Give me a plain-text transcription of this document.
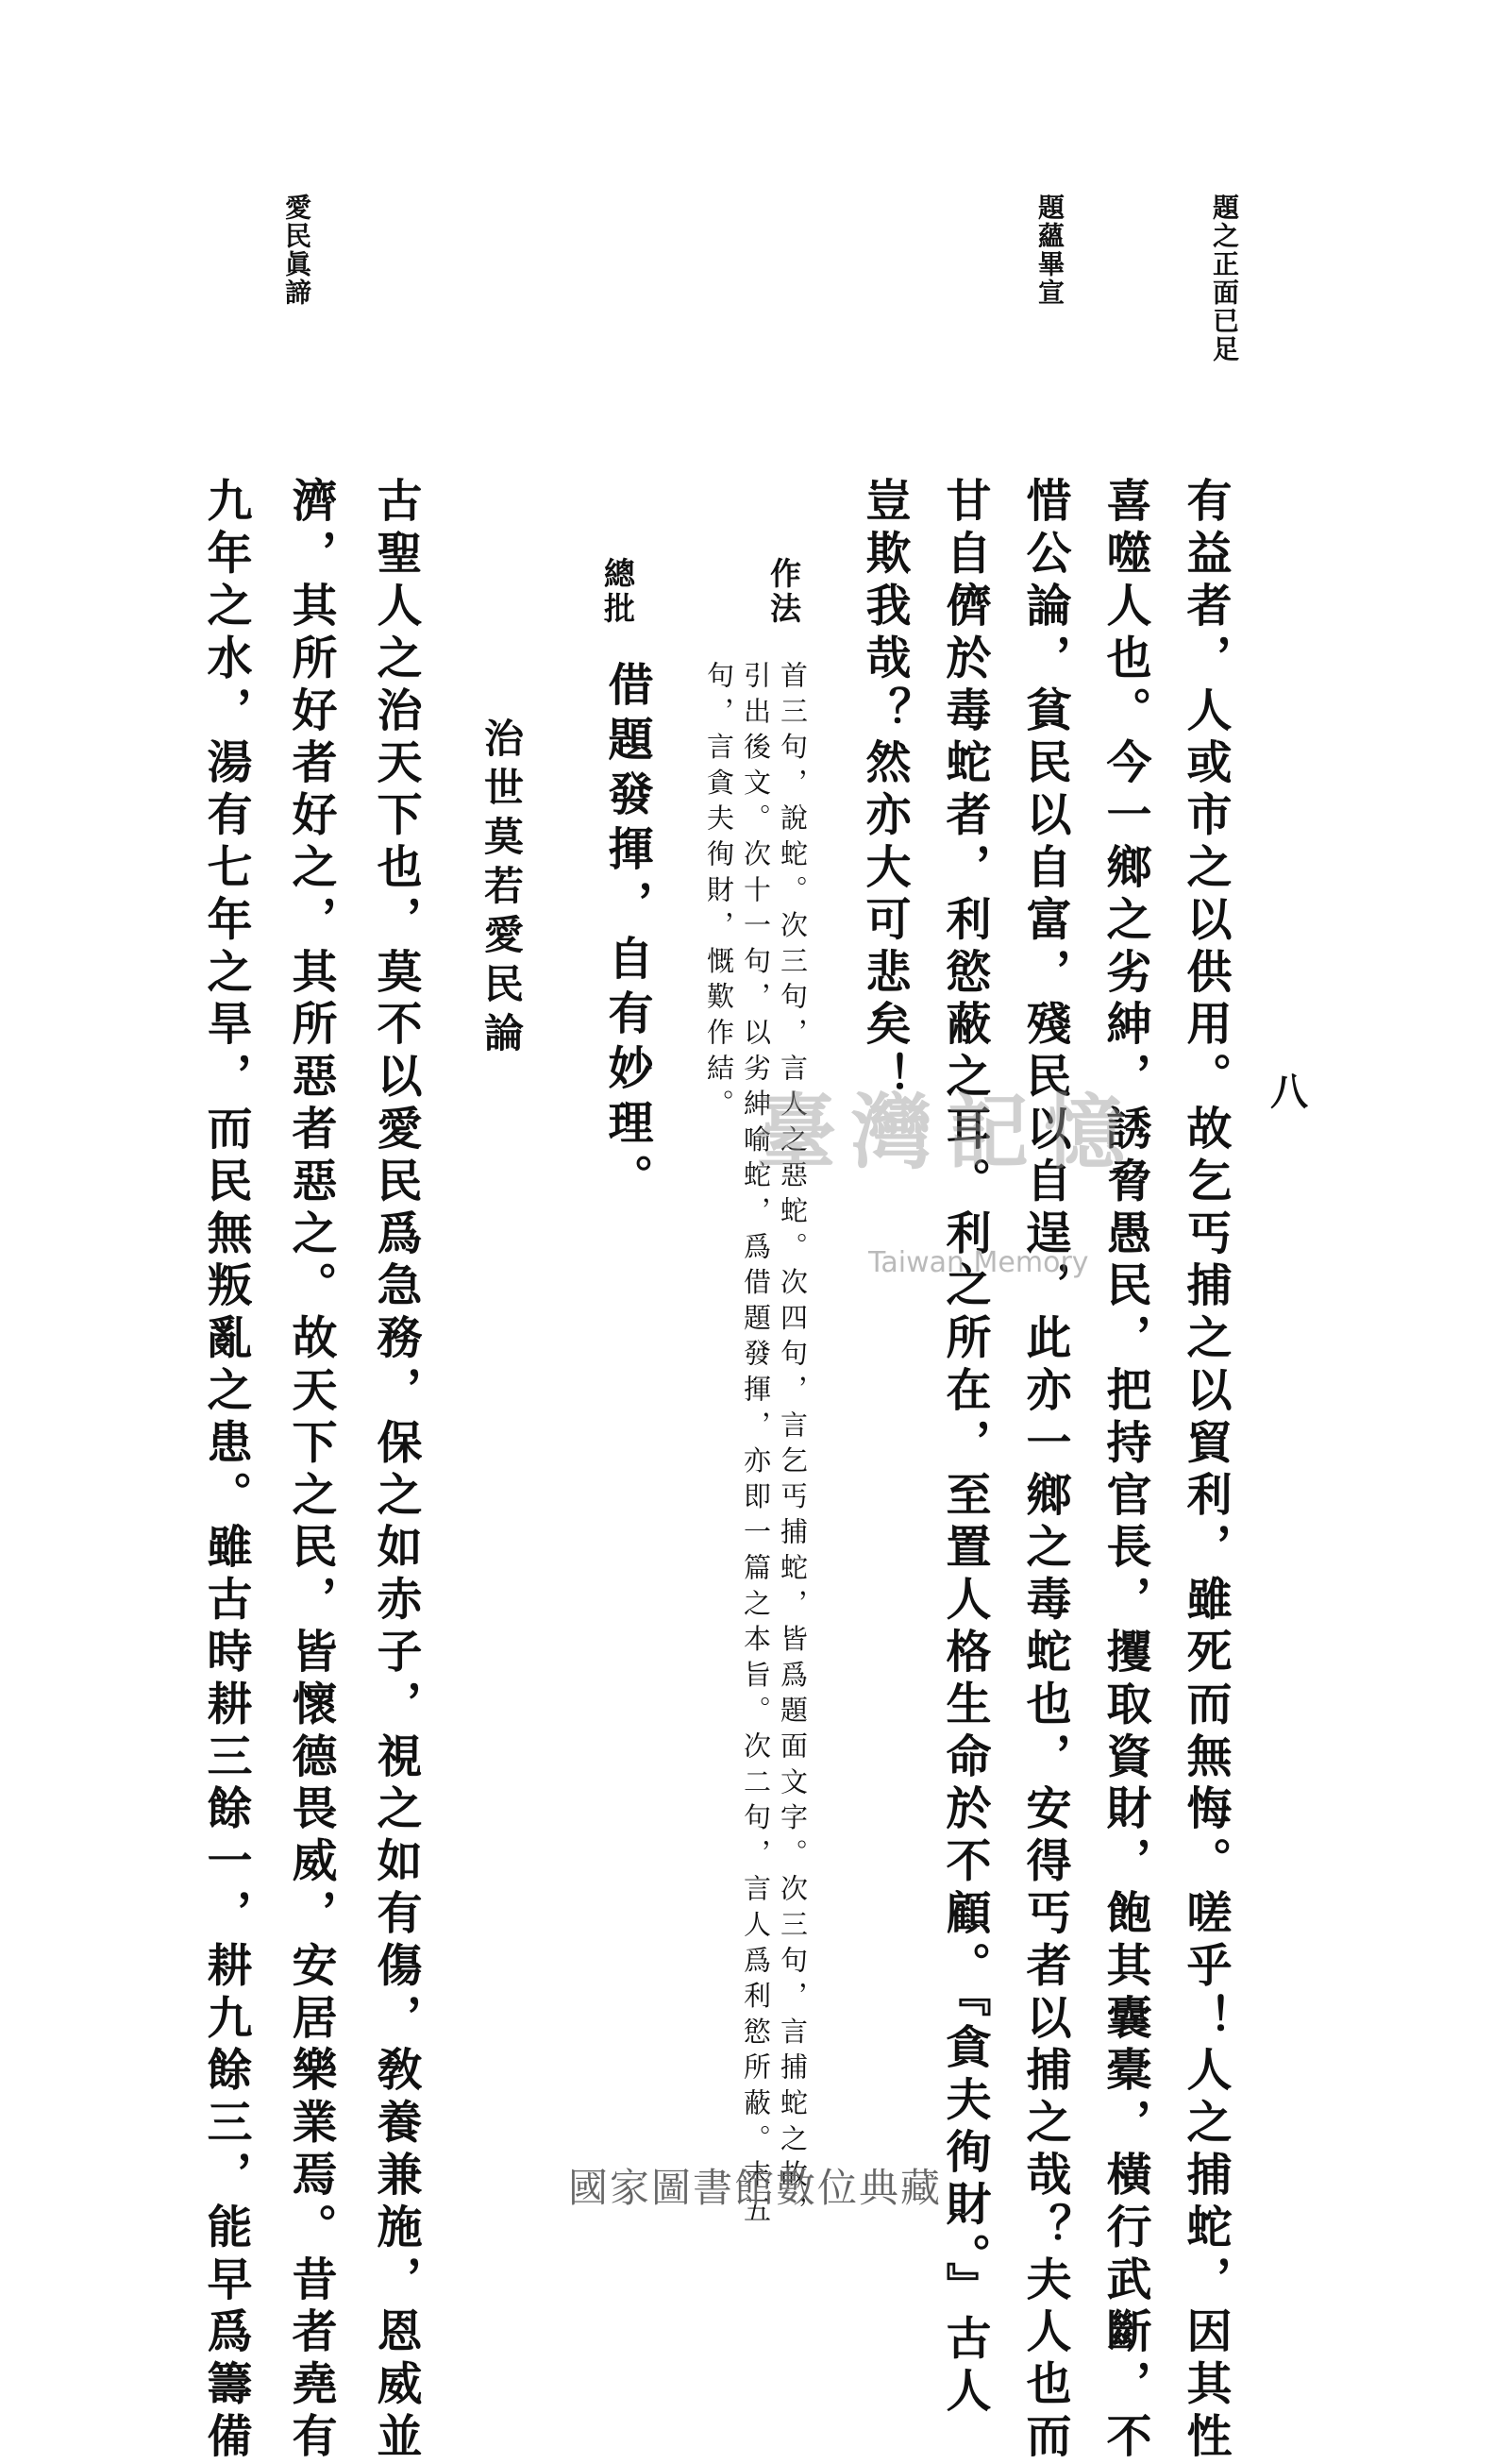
八
題之正面已足
題蘊畢宣
愛民眞諦
有益者，人或市之以供用。故乞丐捕之以貿利，雖死而無悔。嗟乎！人之捕蛇，因其性
喜噬人也。今一鄉之劣紳，誘脅愚民，把持官長，攫取資財，飽其囊橐，橫行武斷，不
惜公論，貧民以自富，殘民以自逞，此亦一鄉之毒蛇也，安得丐者以捕之哉？夫人也而
甘自儕於毒蛇者，利慾蔽之耳。利之所在，至置人格生命於不顧。『貪夫徇財。』古人
豈欺我哉？然亦大可悲矣！
作法
首三句，說蛇。次三句，言人之惡蛇。次四句，言乞丐捕蛇，皆爲題面文字。次三句，言捕蛇之故，
引出後文。次十一句，以劣紳喻蛇，爲借題發揮，亦即一篇之本旨。次二句，言人爲利慾所蔽。末五
句，言貪夫徇財，慨歎作結。
總批
借題發揮，自有妙理。
治世莫若愛民論
古聖人之治天下也，莫不以愛民爲急務，保之如赤子，視之如有傷，敎養兼施，恩威並
濟，其所好者好之，其所惡者惡之。故天下之民，皆懷德畏威，安居樂業焉。昔者堯有
九年之水，湯有七年之旱，而民無叛亂之患。雖古時耕三餘一，耕九餘三，能早爲籌備	臺灣記憶
Taiwan Memory
國家圖書館數位典藏
